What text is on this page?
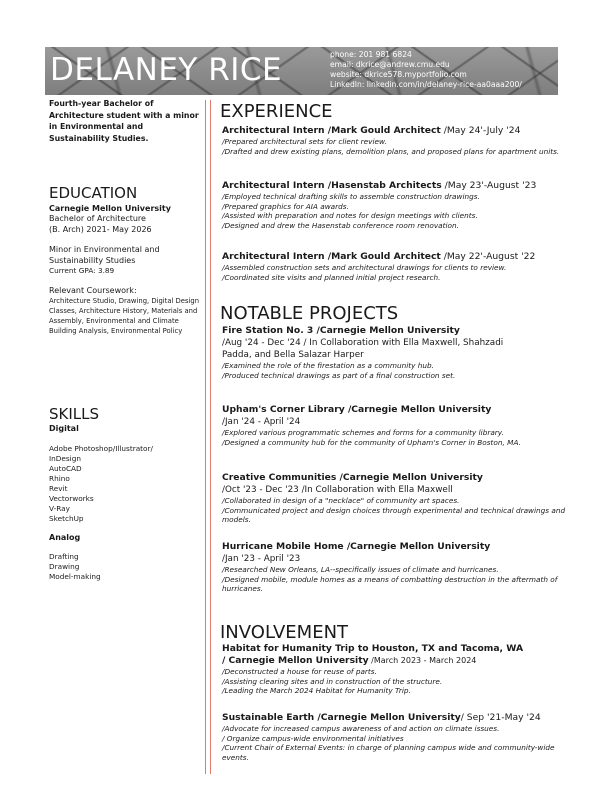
DELANEY RICE	phone: 201 981 6824
email: dkrice@andrew.cmu.edu
website: dkrice578.myportfolio.com
LinkedIn: linkedin.com/in/delaney-rice-aa0aaa200/
Fourth-year Bachelor of Architecture student with a minor in Environmental and Sustainability Studies.
EDUCATION
Carnegie Mellon University
Bachelor of Architecture
(B. Arch) 2021- May 2026
Minor in Environmental and
Sustainability Studies
Current GPA: 3.89
Relevant Coursework:
Architecture Studio, Drawing, Digital Design Classes, Architecture History, Materials and Assembly, Environmental and Climate Building Analysis, Environmental Policy
SKILLS
Digital
Adobe Photoshop/Illustrator/
InDesign
AutoCAD
Rhino
Revit
Vectorworks
V-Ray
SketchUp
Analog
Drafting
Drawing
Model-making
EXPERIENCE
Architectural Intern /Mark Gould Architect /May 24'-July '24
/Prepared architectural sets for client review.
/Drafted and drew existing plans, demolition plans, and proposed plans for apartment units.
Architectural Intern /Hasenstab Architects /May 23'-August '23
/Employed technical drafting skills to assemble construction drawings.
/Prepared graphics for AIA awards.
/Assisted with preparation and notes for design meetings with clients.
/Designed and drew the Hasenstab conference room renovation.
Architectural Intern /Mark Gould Architect /May 22'-August '22
/Assembled construction sets and architectural drawings for clients to review.
/Coordinated site visits and planned initial project research.
NOTABLE PROJECTS
Fire Station No. 3 /Carnegie Mellon University
/Aug '24 - Dec '24 / In Collaboration with Ella Maxwell, Shahzadi
Padda, and Bella Salazar Harper
/Examined the role of the firestation as a community hub.
/Produced technical drawings as part of a final construction set.
Upham's Corner Library /Carnegie Mellon University
/Jan '24 - April '24
/Explored various programmatic schemes and forms for a community library.
/Designed a community hub for the community of Upham's Corner in Boston, MA.
Creative Communities /Carnegie Mellon University
/Oct '23 - Dec '23 /In Collaboration with Ella Maxwell
/Collaborated in design of a "necklace" of community art spaces.
/Communicated project and design choices through experimental and technical drawings and models.
Hurricane Mobile Home /Carnegie Mellon University
/Jan '23 - April '23
/Researched New Orleans, LA--specifically issues of climate and hurricanes.
/Designed mobile, module homes as a means of combatting destruction in the aftermath of hurricanes.
INVOLVEMENT
Habitat for Humanity Trip to Houston, TX and Tacoma, WA
/ Carnegie Mellon University /March 2023 - March 2024
/Deconstructed a house for reuse of parts.
/Assisting clearing sites and in construction of the structure.
/Leading the March 2024 Habitat for Humanity Trip.
Sustainable Earth /Carnegie Mellon University/ Sep '21-May '24
/Advocate for increased campus awareness of and action on climate issues.
/ Organize campus-wide environmental initiatives
/Current Chair of External Events: in charge of planning campus wide and community-wide events.
